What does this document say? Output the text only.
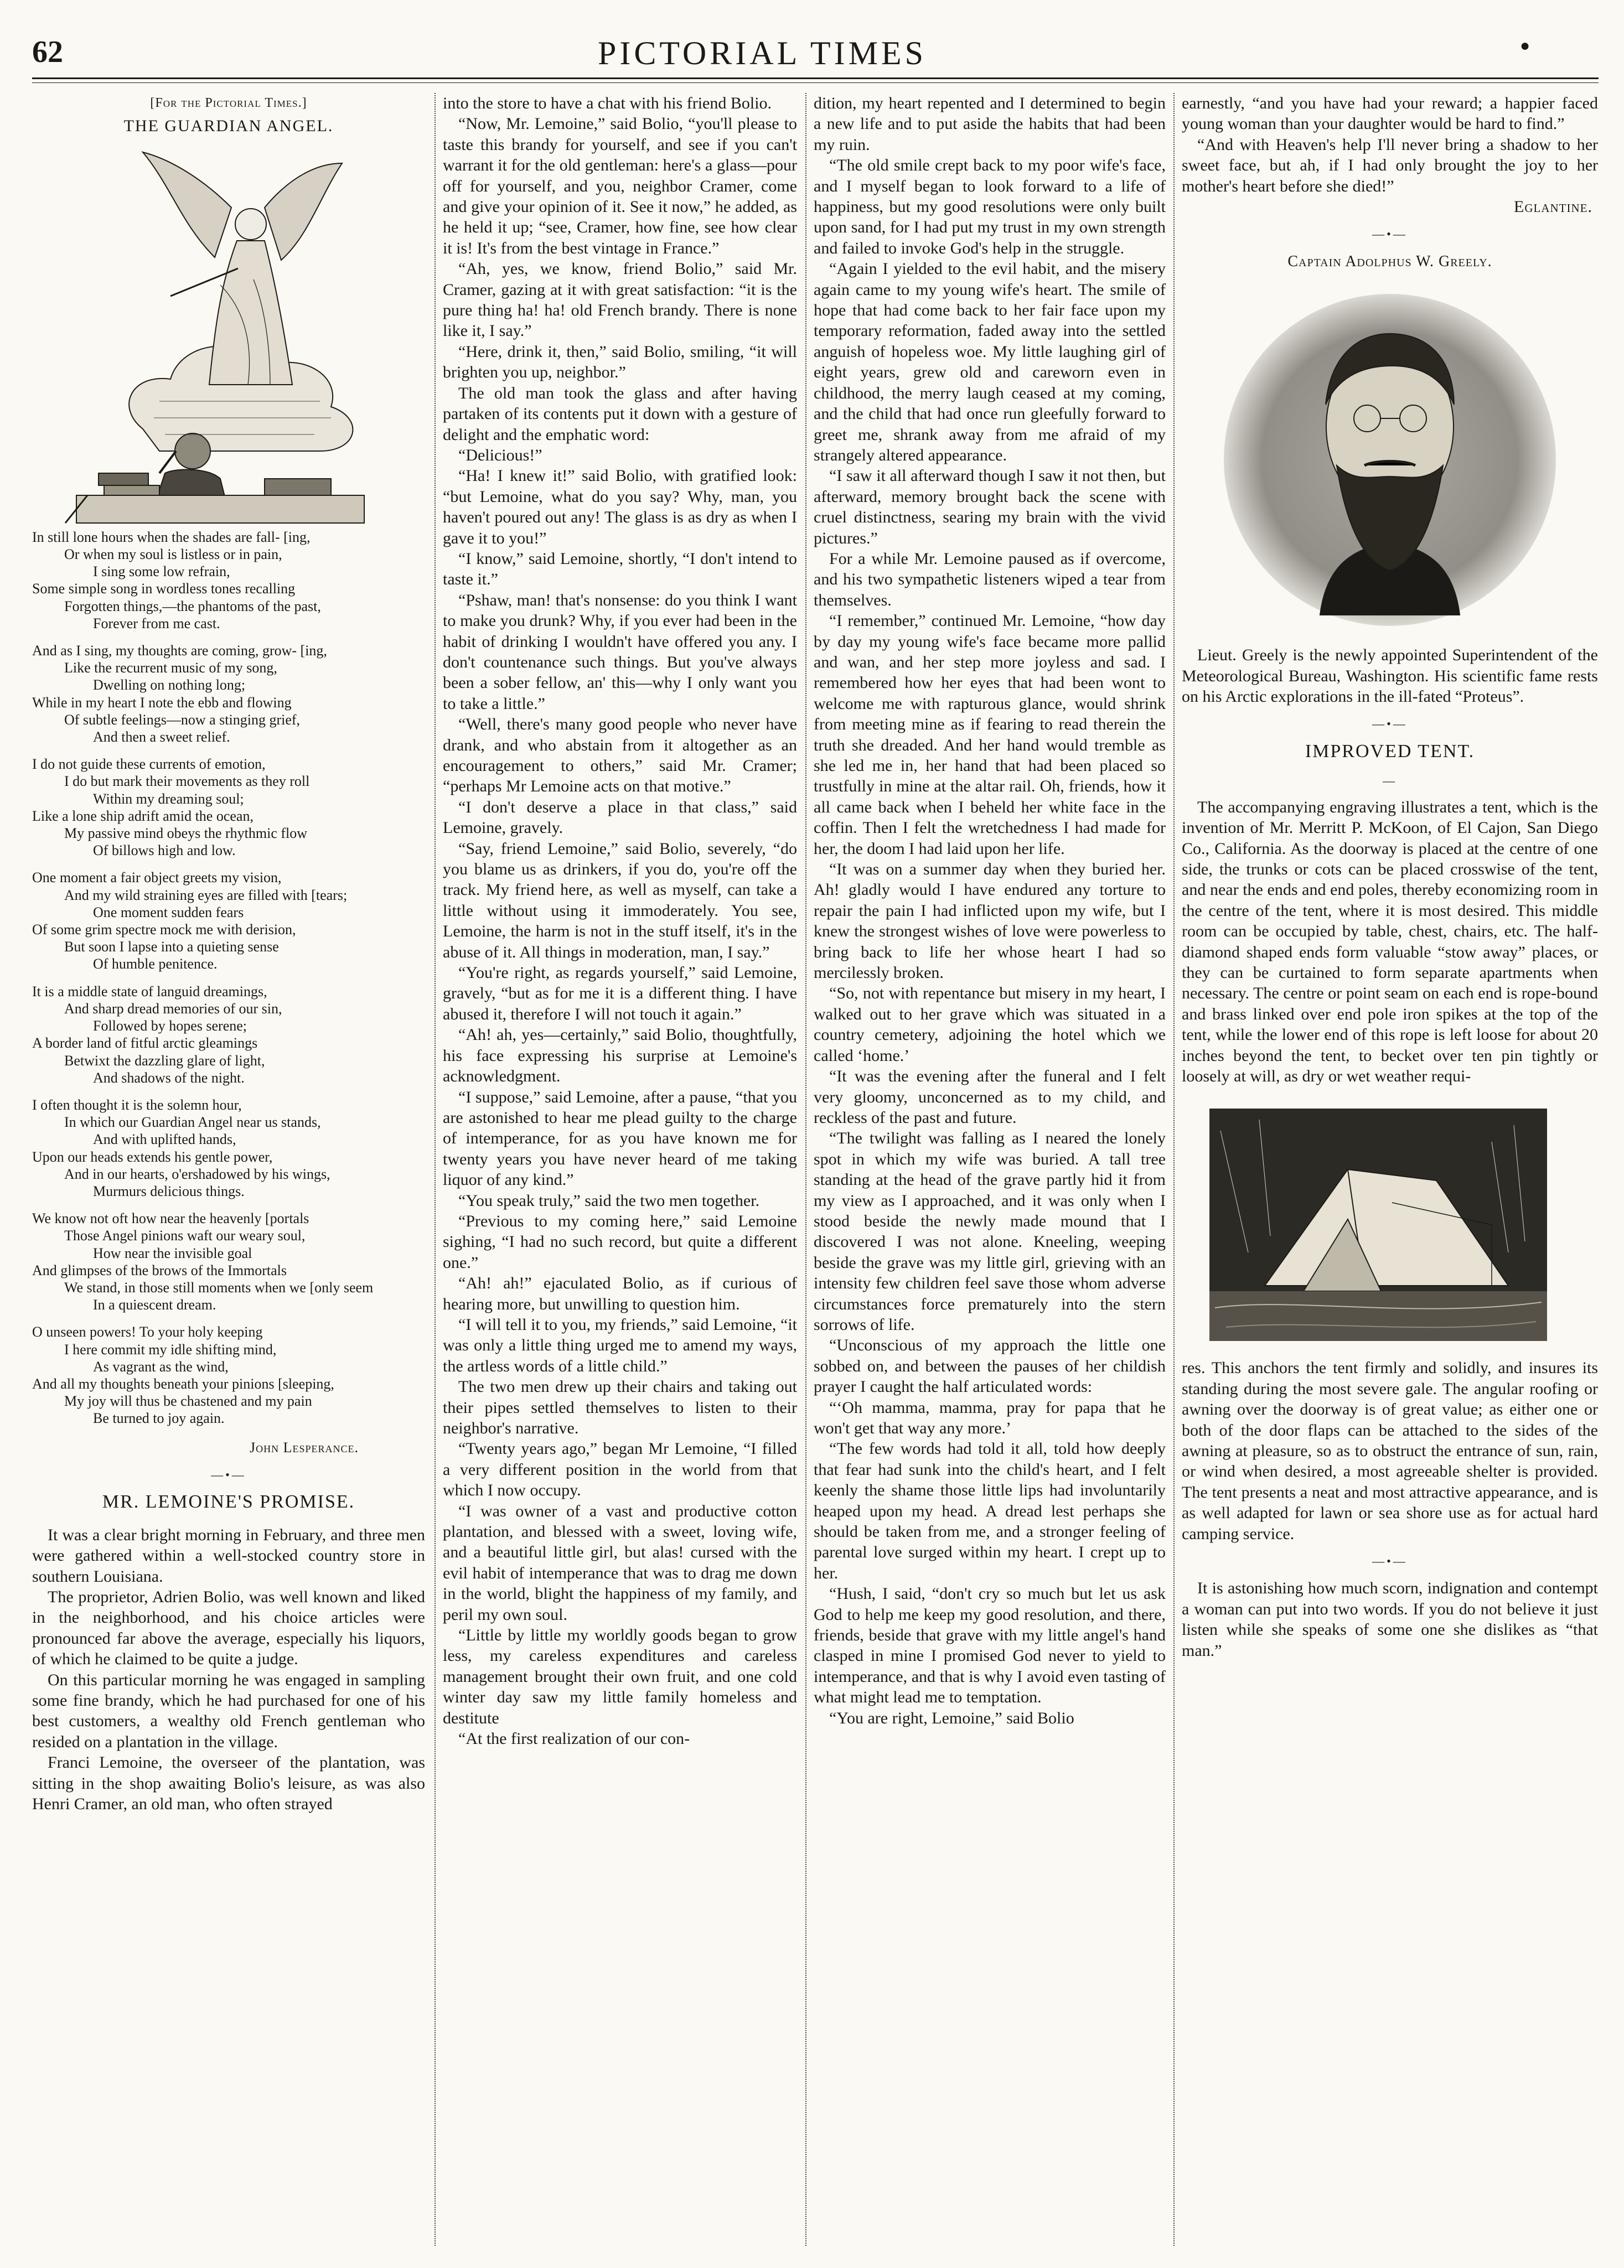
62	PICTORIAL TIMES	●
[For the Pictorial Times.]
THE GUARDIAN ANGEL.
In still lone hours when the shades are fall- [ing,
Or when my soul is listless or in pain,
I sing some low refrain,
Some simple song in wordless tones recalling
Forgotten things,—the phantoms of the past,
Forever from me cast.
And as I sing, my thoughts are coming, grow- [ing,
Like the recurrent music of my song,
Dwelling on nothing long;
While in my heart I note the ebb and flowing
Of subtle feelings—now a stinging grief,
And then a sweet relief.
I do not guide these currents of emotion,
I do but mark their movements as they roll
Within my dreaming soul;
Like a lone ship adrift amid the ocean,
My passive mind obeys the rhythmic flow
Of billows high and low.
One moment a fair object greets my vision,
And my wild straining eyes are filled with [tears;
One moment sudden fears
Of some grim spectre mock me with derision,
But soon I lapse into a quieting sense
Of humble penitence.
It is a middle state of languid dreamings,
And sharp dread memories of our sin,
Followed by hopes serene;
A border land of fitful arctic gleamings
Betwixt the dazzling glare of light,
And shadows of the night.
I often thought it is the solemn hour,
In which our Guardian Angel near us stands,
And with uplifted hands,
Upon our heads extends his gentle power,
And in our hearts, o'ershadowed by his wings,
Murmurs delicious things.
We know not oft how near the heavenly [portals
Those Angel pinions waft our weary soul,
How near the invisible goal
And glimpses of the brows of the Immortals
We stand, in those still moments when we [only seem
In a quiescent dream.
O unseen powers! To your holy keeping
I here commit my idle shifting mind,
As vagrant as the wind,
And all my thoughts beneath your pinions [sleeping,
My joy will thus be chastened and my pain
Be turned to joy again.
John Lesperance.
—•—
MR. LEMOINE'S PROMISE.

It was a clear bright morning in February, and three men were gathered within a well-stocked country store in southern Louisiana.

The proprietor, Adrien Bolio, was well known and liked in the neighborhood, and his choice articles were pronounced far above the average, especially his liquors, of which he claimed to be quite a judge.

On this particular morning he was engaged in sampling some fine brandy, which he had purchased for one of his best customers, a wealthy old French gentleman who resided on a plantation in the village.

Franci Lemoine, the overseer of the plantation, was sitting in the shop awaiting Bolio's leisure, as was also Henri Cramer, an old man, who often strayed

into the store to have a chat with his friend Bolio.

“Now, Mr. Lemoine,” said Bolio, “you'll please to taste this brandy for yourself, and see if you can't warrant it for the old gentleman: here's a glass—pour off for yourself, and you, neighbor Cramer, come and give your opinion of it. See it now,” he added, as he held it up; “see, Cramer, how fine, see how clear it is! It's from the best vintage in France.”

“Ah, yes, we know, friend Bolio,” said Mr. Cramer, gazing at it with great satisfaction: “it is the pure thing ha! ha! old French brandy. There is none like it, I say.”

“Here, drink it, then,” said Bolio, smiling, “it will brighten you up, neighbor.”

The old man took the glass and after having partaken of its contents put it down with a gesture of delight and the emphatic word:

“Delicious!”

“Ha! I knew it!” said Bolio, with gratified look: “but Lemoine, what do you say? Why, man, you haven't poured out any! The glass is as dry as when I gave it to you!”

“I know,” said Lemoine, shortly, “I don't intend to taste it.”

“Pshaw, man! that's nonsense: do you think I want to make you drunk? Why, if you ever had been in the habit of drinking I wouldn't have offered you any. I don't countenance such things. But you've always been a sober fellow, an' this—why I only want you to take a little.”

“Well, there's many good people who never have drank, and who abstain from it altogether as an encouragement to others,” said Mr. Cramer; “perhaps Mr Lemoine acts on that motive.”

“I don't deserve a place in that class,” said Lemoine, gravely.

“Say, friend Lemoine,” said Bolio, severely, “do you blame us as drinkers, if you do, you're off the track. My friend here, as well as myself, can take a little without using it immoderately. You see, Lemoine, the harm is not in the stuff itself, it's in the abuse of it. All things in moderation, man, I say.”

“You're right, as regards yourself,” said Lemoine, gravely, “but as for me it is a different thing. I have abused it, therefore I will not touch it again.”

“Ah! ah, yes—certainly,” said Bolio, thoughtfully, his face expressing his surprise at Lemoine's acknowledgment.

“I suppose,” said Lemoine, after a pause, “that you are astonished to hear me plead guilty to the charge of intemperance, for as you have known me for twenty years you have never heard of me taking liquor of any kind.”

“You speak truly,” said the two men together.

“Previous to my coming here,” said Lemoine sighing, “I had no such record, but quite a different one.”

“Ah! ah!” ejaculated Bolio, as if curious of hearing more, but unwilling to question him.

“I will tell it to you, my friends,” said Lemoine, “it was only a little thing urged me to amend my ways, the artless words of a little child.”

The two men drew up their chairs and taking out their pipes settled themselves to listen to their neighbor's narrative.

“Twenty years ago,” began Mr Lemoine, “I filled a very different position in the world from that which I now occupy.

“I was owner of a vast and productive cotton plantation, and blessed with a sweet, loving wife, and a beautiful little girl, but alas! cursed with the evil habit of intemperance that was to drag me down in the world, blight the happiness of my family, and peril my own soul.

“Little by little my worldly goods began to grow less, my careless expenditures and careless management brought their own fruit, and one cold winter day saw my little family homeless and destitute

“At the first realization of our con-

dition, my heart repented and I determined to begin a new life and to put aside the habits that had been my ruin.

“The old smile crept back to my poor wife's face, and I myself began to look forward to a life of happiness, but my good resolutions were only built upon sand, for I had put my trust in my own strength and failed to invoke God's help in the struggle.

“Again I yielded to the evil habit, and the misery again came to my young wife's heart. The smile of hope that had come back to her fair face upon my temporary reformation, faded away into the settled anguish of hopeless woe. My little laughing girl of eight years, grew old and careworn even in childhood, the merry laugh ceased at my coming, and the child that had once run gleefully forward to greet me, shrank away from me afraid of my strangely altered appearance.

“I saw it all afterward though I saw it not then, but afterward, memory brought back the scene with cruel distinctness, searing my brain with the vivid pictures.”

For a while Mr. Lemoine paused as if overcome, and his two sympathetic listeners wiped a tear from themselves.

“I remember,” continued Mr. Lemoine, “how day by day my young wife's face became more pallid and wan, and her step more joyless and sad. I remembered how her eyes that had been wont to welcome me with rapturous glance, would shrink from meeting mine as if fearing to read therein the truth she dreaded. And her hand would tremble as she led me in, her hand that had been placed so trustfully in mine at the altar rail. Oh, friends, how it all came back when I beheld her white face in the coffin. Then I felt the wretchedness I had made for her, the doom I had laid upon her life.

“It was on a summer day when they buried her. Ah! gladly would I have endured any torture to repair the pain I had inflicted upon my wife, but I knew the strongest wishes of love were powerless to bring back to life her whose heart I had so mercilessly broken.

“So, not with repentance but misery in my heart, I walked out to her grave which was situated in a country cemetery, adjoining the hotel which we called ‘home.’

“It was the evening after the funeral and I felt very gloomy, unconcerned as to my child, and reckless of the past and future.

“The twilight was falling as I neared the lonely spot in which my wife was buried. A tall tree standing at the head of the grave partly hid it from my view as I approached, and it was only when I stood beside the newly made mound that I discovered I was not alone. Kneeling, weeping beside the grave was my little girl, grieving with an intensity few children feel save those whom adverse circumstances force prematurely into the stern sorrows of life.

“Unconscious of my approach the little one sobbed on, and between the pauses of her childish prayer I caught the half articulated words:

“‘Oh mamma, mamma, pray for papa that he won't get that way any more.’

“The few words had told it all, told how deeply that fear had sunk into the child's heart, and I felt keenly the shame those little lips had involuntarily heaped upon my head. A dread lest perhaps she should be taken from me, and a stronger feeling of parental love surged within my heart. I crept up to her.

“Hush, I said, “don't cry so much but let us ask God to help me keep my good resolution, and there, friends, beside that grave with my little angel's hand clasped in mine I promised God never to yield to intemperance, and that is why I avoid even tasting of what might lead me to temptation.

“You are right, Lemoine,” said Bolio

earnestly, “and you have had your reward; a happier faced young woman than your daughter would be hard to find.”

“And with Heaven's help I'll never bring a shadow to her sweet face, but ah, if I had only brought the joy to her mother's heart before she died!”

Eglantine.
—•—
Captain Adolphus W. Greely.

Lieut. Greely is the newly appointed Superintendent of the Meteorological Bureau, Washington. His scientific fame rests on his Arctic explorations in the ill-fated “Proteus”.

—•—
IMPROVED TENT.
—

The accompanying engraving illustrates a tent, which is the invention of Mr. Merritt P. McKoon, of El Cajon, San Diego Co., California. As the doorway is placed at the centre of one side, the trunks or cots can be placed crosswise of the tent, and near the ends and end poles, thereby economizing room in the centre of the tent, where it is most desired. This middle room can be occupied by table, chest, chairs, etc. The half-diamond shaped ends form valuable “stow away” places, or they can be curtained to form separate apartments when necessary. The centre or point seam on each end is rope-bound and brass linked over end pole iron spikes at the top of the tent, while the lower end of this rope is left loose for about 20 inches beyond the tent, to becket over ten pin tightly or loosely at will, as dry or wet weather requi-

res. This anchors the tent firmly and solidly, and insures its standing during the most severe gale. The angular roofing or awning over the doorway is of great value; as either one or both of the door flaps can be attached to the sides of the awning at pleasure, so as to obstruct the entrance of sun, rain, or wind when desired, a most agreeable shelter is provided. The tent presents a neat and most attractive appearance, and is as well adapted for lawn or sea shore use as for actual hard camping service.

—•—

It is astonishing how much scorn, indignation and contempt a woman can put into two words. If you do not believe it just listen while she speaks of some one she dislikes as “that man.”
